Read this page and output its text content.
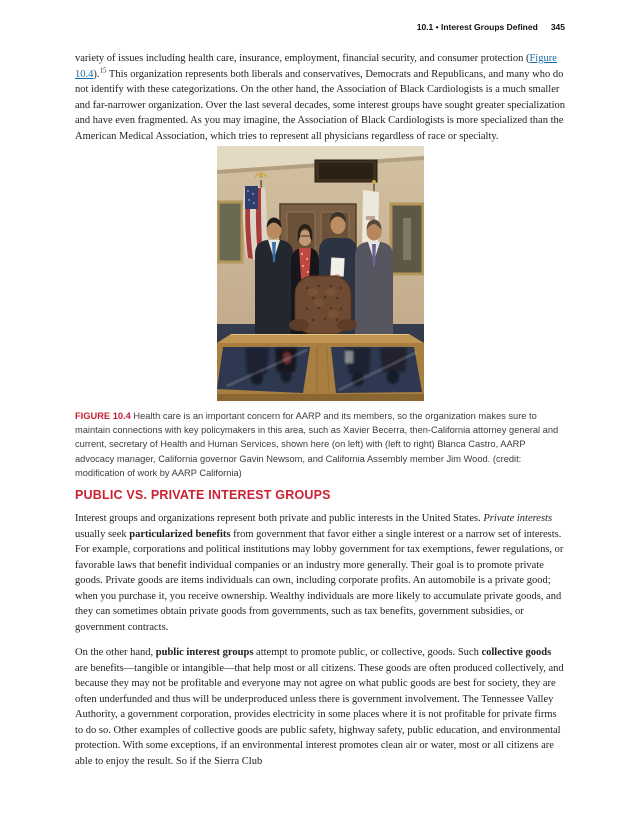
10.1 • Interest Groups Defined 345

variety of issues including health care, insurance, employment, financial security, and consumer protection (Figure 10.4).$^{15}$ This organization represents both liberals and conservatives, Democrats and Republicans, and many who do not identify with these categorizations. On the other hand, the Association of Black Cardiologists is a much smaller and far-narrower organization. Over the last several decades, some interest groups have sought greater specialization and have even fragmented. As you may imagine, the Association of Black Cardiologists is more specialized than the American Medical Association, which tries to represent all physicians regardless of race or specialty.

FIGURE 10.4 Health care is an important concern for AARP and its members, so the organization makes sure to maintain connections with key policymakers in this area, such as Xavier Becerra, then-California attorney general and current, secretary of Health and Human Services, shown here (on left) with (left to right) Blanca Castro, AARP advocacy manager, California governor Gavin Newsom, and California Assembly member Jim Wood. (credit: modification of work by AARP California)
PUBLIC VS. PRIVATE INTEREST GROUPS

Interest groups and organizations represent both private and public interests in the United States. Private interests usually seek particularized benefits from government that favor either a single interest or a narrow set of interests. For example, corporations and political institutions may lobby government for tax exemptions, fewer regulations, or favorable laws that benefit individual companies or an industry more generally. Their goal is to promote private goods. Private goods are items individuals can own, including corporate profits. An automobile is a private good; when you purchase it, you receive ownership. Wealthy individuals are more likely to accumulate private goods, and they can sometimes obtain private goods from governments, such as tax benefits, government subsidies, or government contracts.

On the other hand, public interest groups attempt to promote public, or collective, goods. Such collective goods are benefits—tangible or intangible—that help most or all citizens. These goods are often produced collectively, and because they may not be profitable and everyone may not agree on what public goods are best for society, they are often underfunded and thus will be underproduced unless there is government involvement. The Tennessee Valley Authority, a government corporation, provides electricity in some places where it is not profitable for private firms to do so. Other examples of collective goods are public safety, highway safety, public education, and environmental protection. With some exceptions, if an environmental interest promotes clean air or water, most or all citizens are able to enjoy the result. So if the Sierra Club
